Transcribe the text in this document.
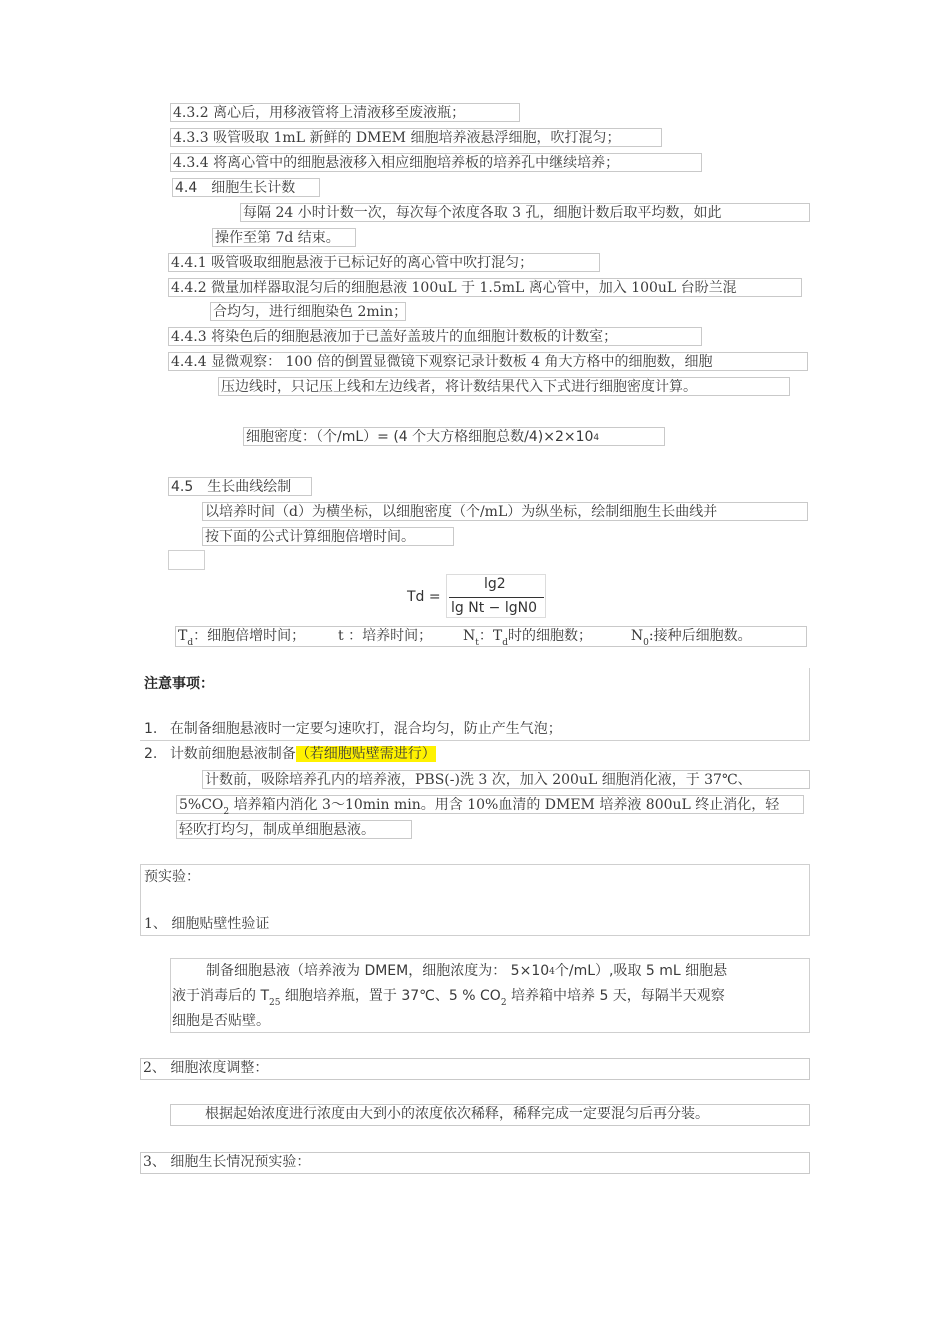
4.3.2 离心后，用移液管将上清液移至废液瓶；
4.3.3 吸管吸取 1mL 新鲜的 DMEM 细胞培养液悬浮细胞，吹打混匀；
4.3.4 将离心管中的细胞悬液移入相应细胞培养板的培养孔中继续培养；
4.4　细胞生长计数
每隔 24 小时计数一次，每次每个浓度各取 3 孔，细胞计数后取平均数，如此
操作至第 7d 结束。
4.4.1 吸管吸取细胞悬液于已标记好的离心管中吹打混匀；
4.4.2 微量加样器取混匀后的细胞悬液 100uL 于 1.5mL 离心管中，加入 100uL 台盼兰混
合均匀，进行细胞染色 2min；
4.4.3 将染色后的细胞悬液加于已盖好盖玻片的血细胞计数板的计数室；
4.4.4 显微观察： 100 倍的倒置显微镜下观察记录计数板 4 角大方格中的细胞数，细胞
压边线时，只记压上线和左边线者，将计数结果代入下式进行细胞密度计算。
细胞密度：（个/mL）= (4 个大方格细胞总数/4)×2×104
4.5　生长曲线绘制
以培养时间（d）为横坐标，以细胞密度（个/mL）为纵坐标，绘制细胞生长曲线并
按下面的公式计算细胞倍增时间。
Td =
lg2
lg Nt − lgN0
$T_d$：细胞倍增时间； t ：培养时间； $N_t$：$T_d$时的细胞数；	$N_0$:接种后细胞数。
注意事项：
1. 在制备细胞悬液时一定要匀速吹打，混合均匀，防止产生气泡；
2. 计数前细胞悬液制备（若细胞贴壁需进行）
计数前，吸除培养孔内的培养液，PBS(-)洗 3 次，加入 200uL 细胞消化液，于 37℃、
$5\%CO_2$ 培养箱内消化 3～10min min。用含 10%血清的 DMEM 培养液 800uL 终止消化，轻
轻吹打均匀，制成单细胞悬液。
预实验：
1、 细胞贴壁性验证
制备细胞悬液（培养液为 DMEM，细胞浓度为： 5×104个/mL）,吸取 5 mL 细胞悬
液于消毒后的 $T_{25}$ 细胞培养瓶，置于 37℃、5 % $CO_2$ 培养箱中培养 5 天，每隔半天观察
细胞是否贴壁。
2、 细胞浓度调整：
根据起始浓度进行浓度由大到小的浓度依次稀释，稀释完成一定要混匀后再分装。
3、 细胞生长情况预实验：
